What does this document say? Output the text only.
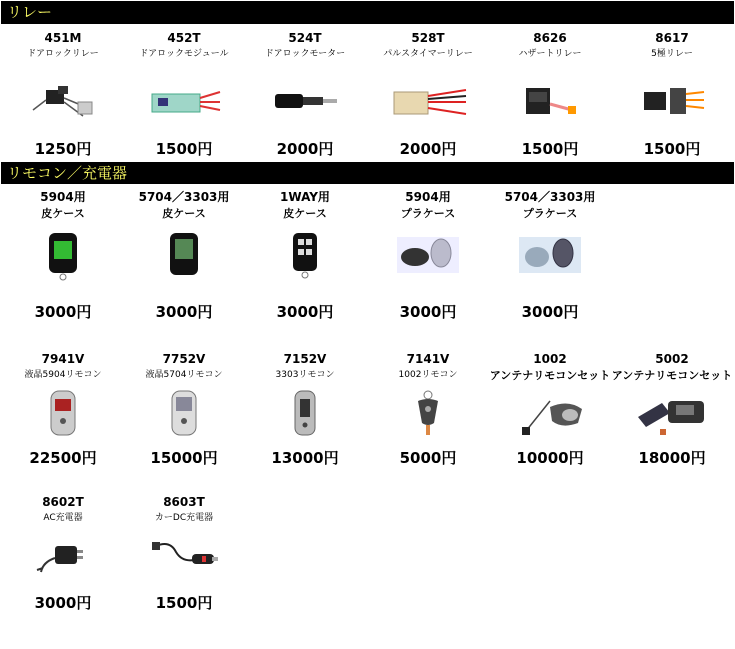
リレー
451M
ドアロックリレー
1250円
452T
ドアロックモジュール
1500円
524T
ドアロックモーター
2000円
528T
パルスタイマーリレー
2000円
8626
ハザートリレー
1500円
8617
5極リレー
1500円
リモコン／充電器
5904用
皮ケース
3000円
5704／3303用
皮ケース
3000円
1WAY用
皮ケース
3000円
5904用
プラケース
3000円
5704／3303用
プラケース
3000円
7941V
液晶5904リモコン
22500円
7752V
液晶5704リモコン
15000円
7152V
3303リモコン
13000円
7141V
1002リモコン
5000円
1002
アンテナリモコンセット
10000円
5002
アンテナリモコンセット
18000円
8602T
AC充電器
3000円
8603T
カーDC充電器
1500円
